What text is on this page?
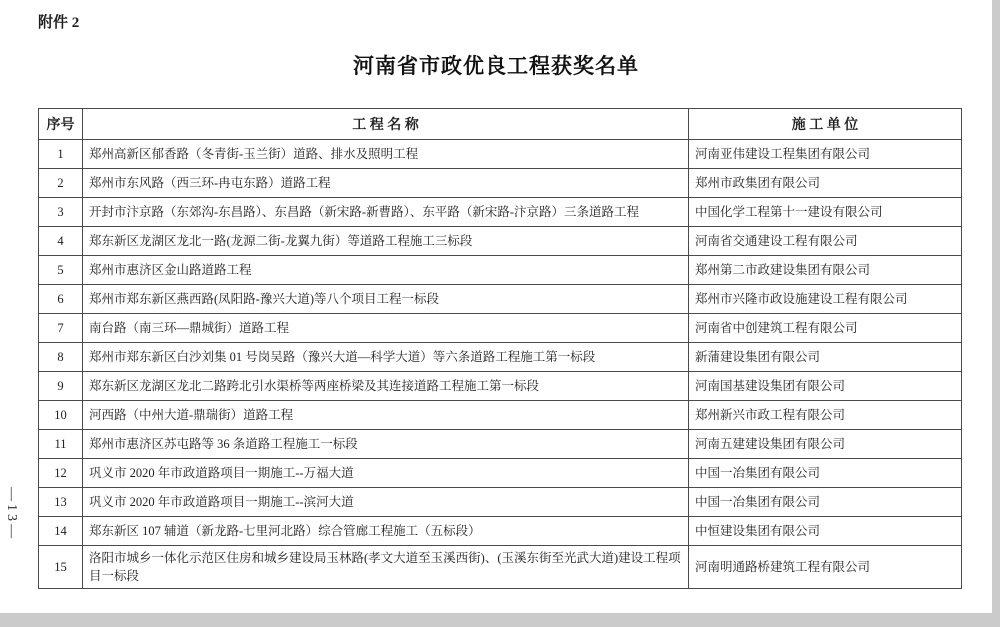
附件 2
河南省市政优良工程获奖名单
—13—
序号	工 程 名 称	施 工 单 位
1	郑州高新区郁香路（冬青街-玉兰街）道路、排水及照明工程	河南亚伟建设工程集团有限公司
2	郑州市东风路（西三环-冉屯东路）道路工程	郑州市政集团有限公司
3	开封市汴京路（东郊沟-东昌路）、东昌路（新宋路-新曹路）、东平路（新宋路-汴京路）三条道路工程	中国化学工程第十一建设有限公司
4	郑东新区龙湖区龙北一路(龙源二街-龙翼九街）等道路工程施工三标段	河南省交通建设工程有限公司
5	郑州市惠济区金山路道路工程	郑州第二市政建设集团有限公司
6	郑州市郑东新区燕西路(凤阳路-豫兴大道)等八个项目工程一标段	郑州市兴隆市政设施建设工程有限公司
7	南台路（南三环—鼎城街）道路工程	河南省中创建筑工程有限公司
8	郑州市郑东新区白沙刘集 01 号岗吴路（豫兴大道—科学大道）等六条道路工程施工第一标段	新蒲建设集团有限公司
9	郑东新区龙湖区龙北二路跨北引水渠桥等两座桥梁及其连接道路工程施工第一标段	河南国基建设集团有限公司
10	河西路（中州大道-鼎瑞街）道路工程	郑州新兴市政工程有限公司
11	郑州市惠济区苏屯路等 36 条道路工程施工一标段	河南五建建设集团有限公司
12	巩义市 2020 年市政道路项目一期施工--万福大道	中国一冶集团有限公司
13	巩义市 2020 年市政道路项目一期施工--滨河大道	中国一冶集团有限公司
14	郑东新区 107 辅道（新龙路-七里河北路）综合管廊工程施工（五标段）	中恒建设集团有限公司
15	洛阳市城乡一体化示范区住房和城乡建设局玉林路(孝文大道至玉溪西街)、(玉溪东街至光武大道)建设工程项目一标段	河南明通路桥建筑工程有限公司
